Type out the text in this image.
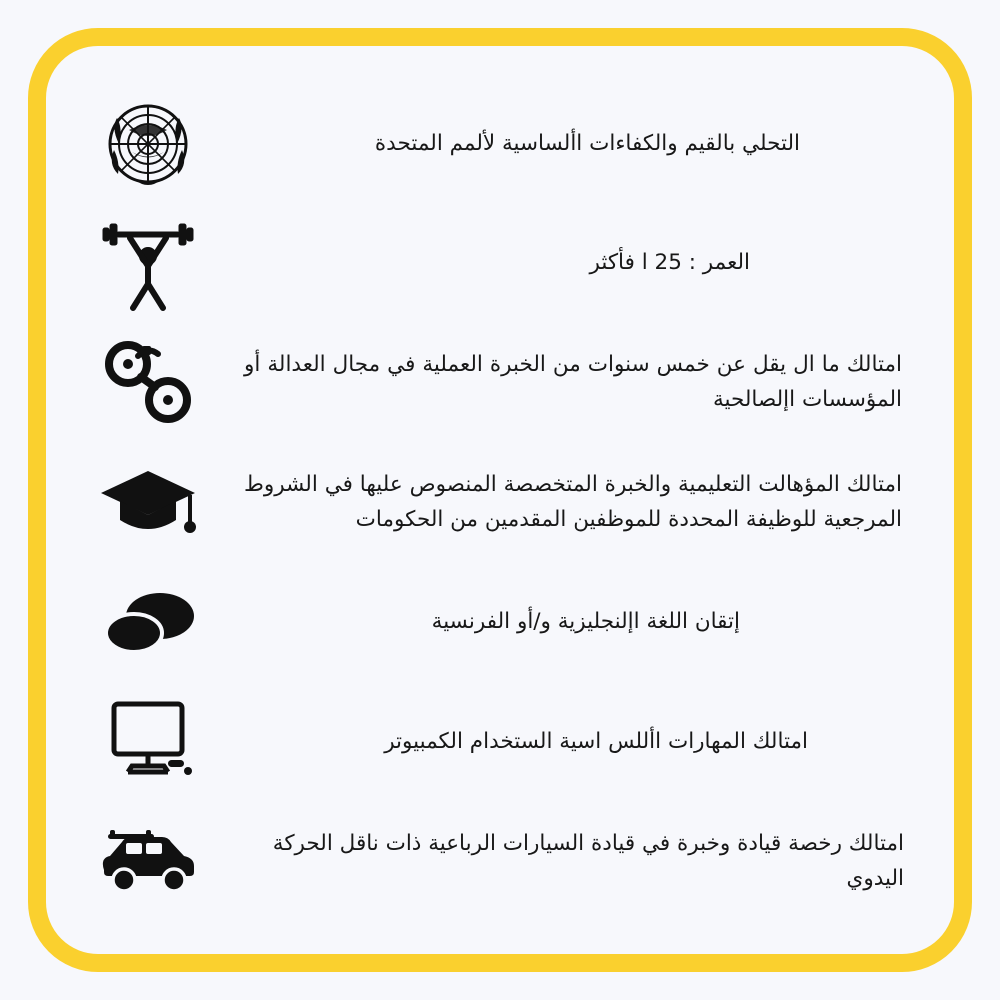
التحلي بالقيم والكفاءات األساسية لألمم المتحدة
العمر : 25 ا فأكثر
امتالك ما ال يقل عن خمس سنوات من الخبرة العملية في مجال العدالة أو المؤسسات اإلصالحية
امتالك المؤهالت التعليمية والخبرة المتخصصة المنصوص عليها في الشروط المرجعية للوظيفة المحددة للموظفين المقدمين من الحكومات
إتقان اللغة اإلنجليزية و/أو الفرنسية
امتالك المهارات األلس اسية الستخدام الكمبيوتر
امتالك رخصة قيادة وخبرة في قيادة السيارات الرباعية ذات ناقل الحركة اليدوي
